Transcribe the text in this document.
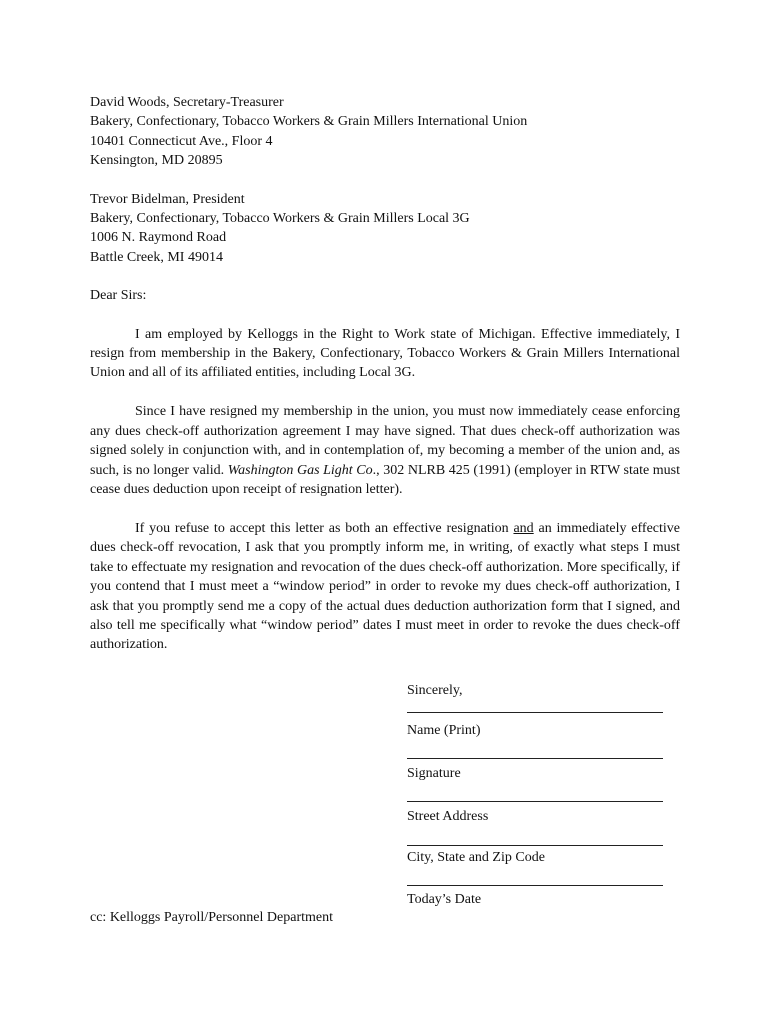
David Woods, Secretary-Treasurer
Bakery, Confectionary, Tobacco Workers & Grain Millers International Union
10401 Connecticut Ave., Floor 4
Kensington, MD 20895
Trevor Bidelman, President
Bakery, Confectionary, Tobacco Workers & Grain Millers Local 3G
1006 N. Raymond Road
Battle Creek, MI 49014
Dear Sirs:

I am employed by Kelloggs in the Right to Work state of Michigan. Effective immediately, I resign from membership in the Bakery, Confectionary, Tobacco Workers & Grain Millers International Union and all of its affiliated entities, including Local 3G.

Since I have resigned my membership in the union, you must now immediately cease enforcing any dues check-off authorization agreement I may have signed. That dues check-off authorization was signed solely in conjunction with, and in contemplation of, my becoming a member of the union and, as such, is no longer valid. Washington Gas Light Co., 302 NLRB 425 (1991) (employer in RTW state must cease dues deduction upon receipt of resignation letter).

If you refuse to accept this letter as both an effective resignation and an immediately effective dues check-off revocation, I ask that you promptly inform me, in writing, of exactly what steps I must take to effectuate my resignation and revocation of the dues check-off authorization. More specifically, if you contend that I must meet a “window period” in order to revoke my dues check-off authorization, I ask that you promptly send me a copy of the actual dues deduction authorization form that I signed, and also tell me specifically what “window period” dates I must meet in order to revoke the dues check-off authorization.

Sincerely,
Name (Print)
Signature
Street Address
City, State and Zip Code
Today’s Date
cc: Kelloggs Payroll/Personnel Department
